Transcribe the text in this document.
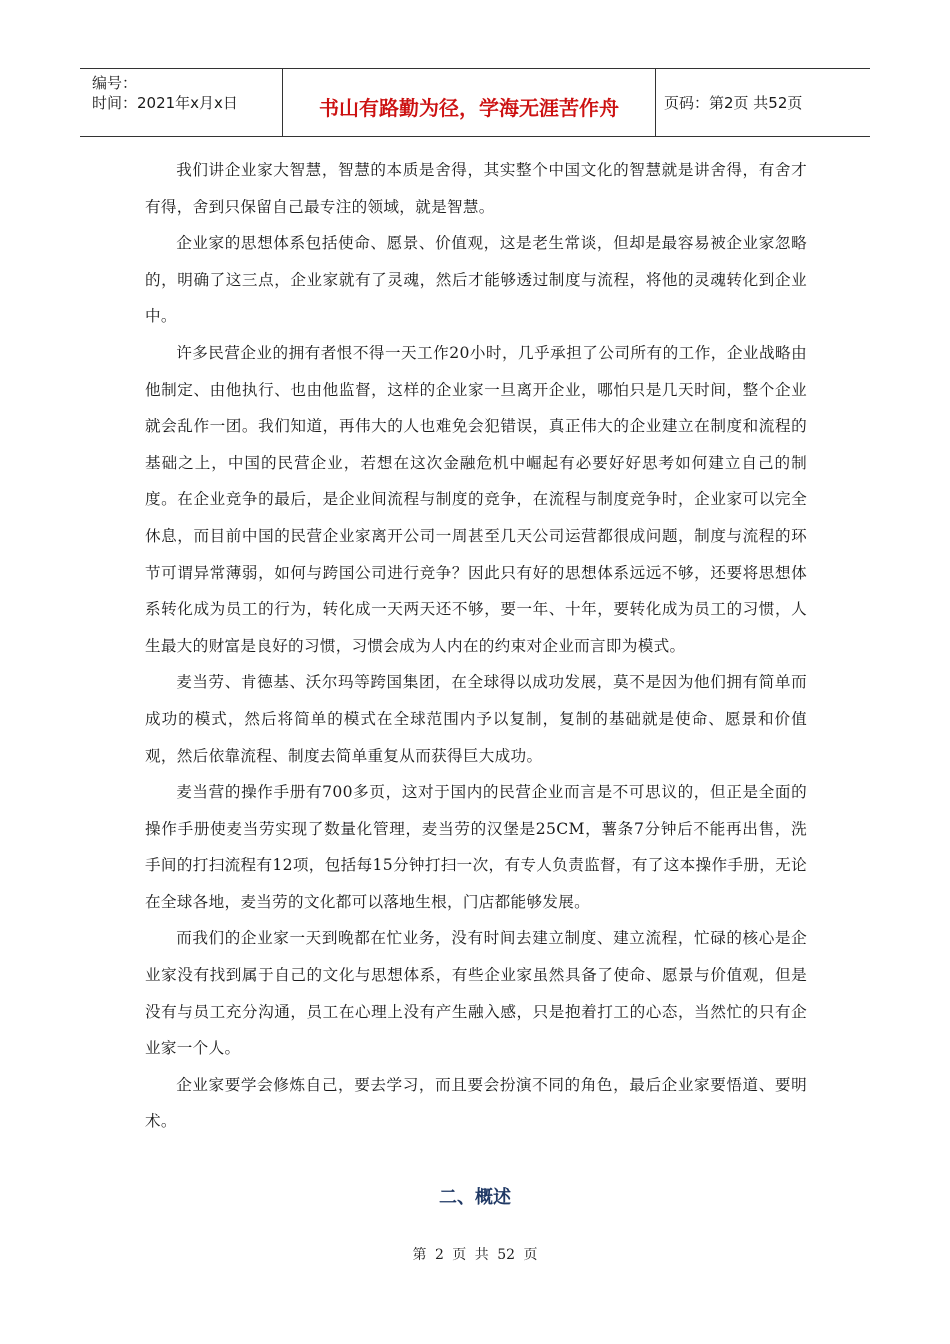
编号：
时间：2021年x月x日	书山有路勤为径，学海无涯苦作舟	页码：第2页 共52页

我们讲企业家大智慧，智慧的本质是舍得，其实整个中国文化的智慧就是讲舍得，有舍才有得，舍到只保留自己最专注的领域，就是智慧。

企业家的思想体系包括使命、愿景、价值观，这是老生常谈，但却是最容易被企业家忽略的，明确了这三点，企业家就有了灵魂，然后才能够透过制度与流程，将他的灵魂转化到企业中。

许多民营企业的拥有者恨不得一天工作20小时，几乎承担了公司所有的工作，企业战略由他制定、由他执行、也由他监督，这样的企业家一旦离开企业，哪怕只是几天时间，整个企业就会乱作一团。我们知道，再伟大的人也难免会犯错误，真正伟大的企业建立在制度和流程的基础之上，中国的民营企业，若想在这次金融危机中崛起有必要好好思考如何建立自己的制度。在企业竞争的最后，是企业间流程与制度的竞争，在流程与制度竞争时，企业家可以完全休息，而目前中国的民营企业家离开公司一周甚至几天公司运营都很成问题，制度与流程的环节可谓异常薄弱，如何与跨国公司进行竞争？因此只有好的思想体系远远不够，还要将思想体系转化成为员工的行为，转化成一天两天还不够，要一年、十年，要转化成为员工的习惯，人生最大的财富是良好的习惯，习惯会成为人内在的约束对企业而言即为模式。

麦当劳、肯德基、沃尔玛等跨国集团，在全球得以成功发展，莫不是因为他们拥有简单而成功的模式，然后将简单的模式在全球范围内予以复制，复制的基础就是使命、愿景和价值观，然后依靠流程、制度去简单重复从而获得巨大成功。

麦当营的操作手册有700多页，这对于国内的民营企业而言是不可思议的，但正是全面的操作手册使麦当劳实现了数量化管理，麦当劳的汉堡是25CM，薯条7分钟后不能再出售，洗手间的打扫流程有12项，包括每15分钟打扫一次，有专人负责监督，有了这本操作手册，无论在全球各地，麦当劳的文化都可以落地生根，门店都能够发展。

而我们的企业家一天到晚都在忙业务，没有时间去建立制度、建立流程，忙碌的核心是企业家没有找到属于自己的文化与思想体系，有些企业家虽然具备了使命、愿景与价值观，但是没有与员工充分沟通，员工在心理上没有产生融入感，只是抱着打工的心态，当然忙的只有企业家一个人。

企业家要学会修炼自己，要去学习，而且要会扮演不同的角色，最后企业家要悟道、要明术。

二、概述
第 2 页 共 52 页
